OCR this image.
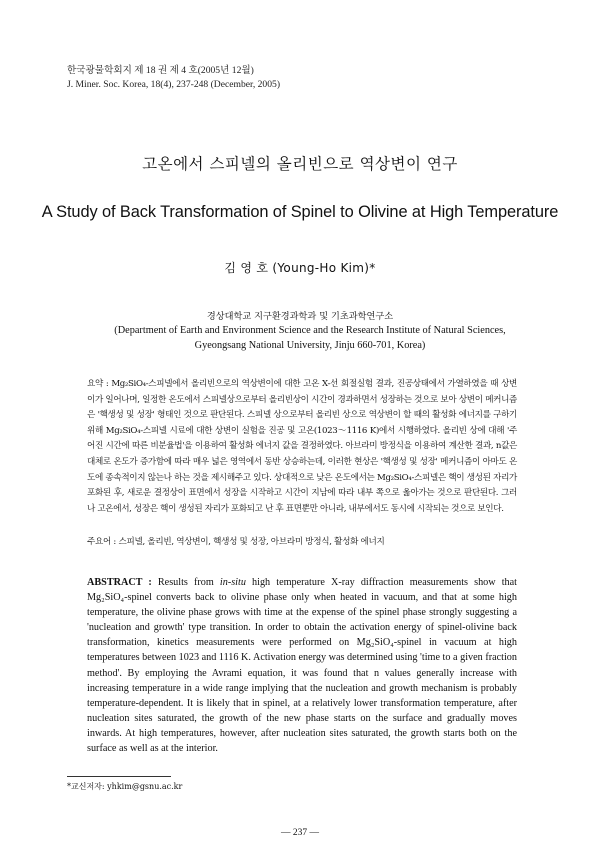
한국광물학회지 제 18 권 제 4 호(2005년 12월)
J. Miner. Soc. Korea, 18(4), 237-248 (December, 2005)
고온에서 스피넬의 올리빈으로 역상변이 연구
A Study of Back Transformation of Spinel to Olivine at High Temperature
김 영 호 (Young-Ho Kim)*
경상대학교 지구환경과학과 및 기초과학연구소
(Department of Earth and Environment Science and the Research Institute of Natural Sciences,
Gyeongsang National University, Jinju 660-701, Korea)
요약 : Mg₂SiO₄-스피넬에서 올리빈으로의 역상변이에 대한 고온 X-선 회절실험 결과, 진공상태에서 가열하였을 때 상변이가 일어나며, 일정한 온도에서 스피넬상으로부터 올리빈상이 시간이 경과하면서 성장하는 것으로 보아 상변이 메커니즘은 '핵생성 및 성장' 형태인 것으로 판단된다. 스피넬 상으로부터 올리빈 상으로 역상변이 할 때의 활성화 에너지를 구하기 위해 Mg₂SiO₄-스피넬 시료에 대한 상변이 실험을 진공 및 고온(1023～1116 K)에서 시행하였다. 올리빈 상에 대해 '주어진 시간에 따른 비분율법'을 이용하여 활성화 에너지 값을 결정하였다. 아브라미 방정식을 이용하여 계산한 결과, n값은 대체로 온도가 증가함에 따라 매우 넓은 영역에서 동반 상승하는데, 이러한 현상은 '핵생성 및 성장' 메커니즘이 아마도 온도에 종속적이지 않는나 하는 것을 제시해주고 있다. 상대적으로 낮은 온도에서는 Mg₂SiO₄-스피넬은 핵이 생성된 자리가 포화된 후, 새로운 결정상이 표면에서 성장을 시작하고 시간이 지남에 따라 내부 쪽으로 옮아가는 것으로 판단된다. 그러나 고온에서, 성장은 핵이 생성된 자리가 포화되고 난 후 표면뿐만 아니라, 내부에서도 동시에 시작되는 것으로 보인다.
주요어 : 스피넬, 올리빈, 역상변이, 핵생성 및 성장, 아브라미 방정식, 활성화 에너지
ABSTRACT : Results from in-situ high temperature X-ray diffraction measurements show that Mg₂SiO₄-spinel converts back to olivine phase only when heated in vacuum, and that at some high temperature, the olivine phase grows with time at the expense of the spinel phase strongly suggesting a 'nucleation and growth' type transition. In order to obtain the activation energy of spinel-olivine back transformation, kinetics measurements were performed on Mg₂SiO₄-spinel in vacuum at high temperatures between 1023 and 1116 K. Activation energy was determined using 'time to a given fraction method'. By employing the Avrami equation, it was found that n values generally increase with increasing temperature in a wide range implying that the nucleation and growth mechanism is probably temperature-dependent. It is likely that in spinel, at a relatively lower transformation temperature, after nucleation sites saturated, the growth of the new phase starts on the surface and gradually moves inwards. At high temperatures, however, after nucleation sites saturated, the growth starts both on the surface as well as at the interior.
*교신저자: yhkim@gsnu.ac.kr
— 237 —
